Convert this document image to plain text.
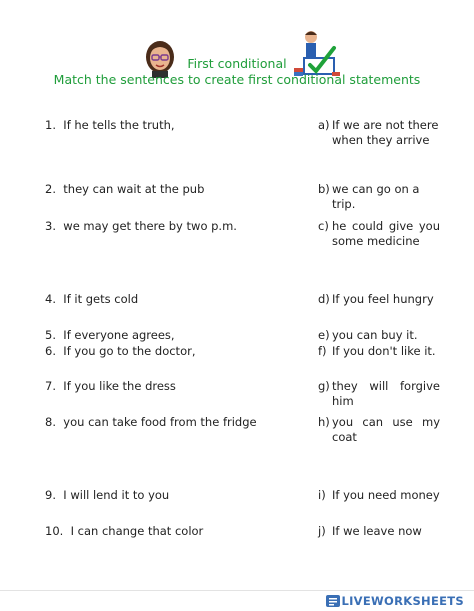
First conditional
Match the sentences to create first conditional statements
1. If he tells the truth,
2. they can wait at the pub
3. we may get there by two p.m.
4. If it gets cold
5. If everyone agrees,
6. If you go to the doctor,
7. If you like the dress
8. you can take food from the fridge
9. I will lend it to you
10. I can change that color
a) If we are not there
when they arrive
b) we can go on a trip.
c) he could give you
some medicine
d) If you feel hungry
e) you can buy it.
f) If you don't like it.
g) they will forgive
him
h) you can use my
coat
i) If you need money
j) If we leave now
LIVEWORKSHEETS
